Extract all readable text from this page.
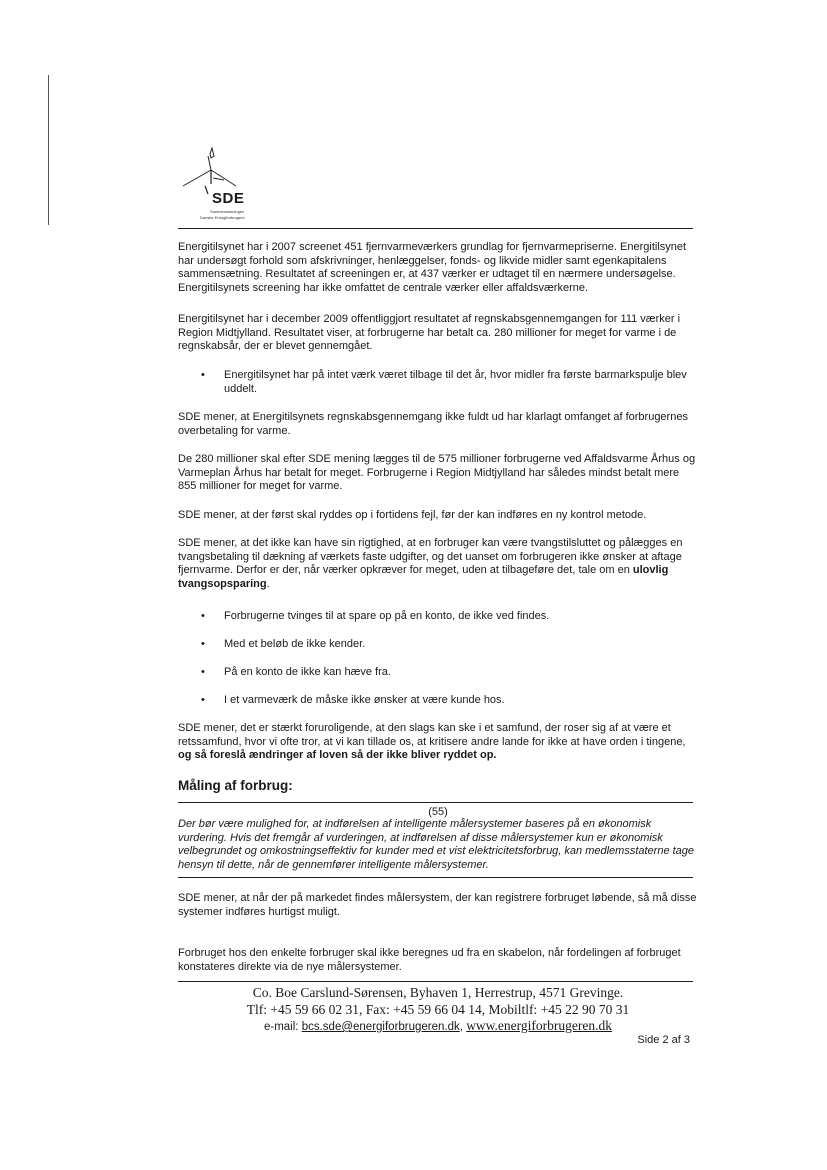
SDE
Sammenslutningen
Danske Energiforbrugere
Energitilsynet har i 2007 screenet 451 fjernvarmeværkers grundlag for fjernvarmepriserne. Energitilsynet har undersøgt forhold som afskrivninger, henlæggelser, fonds- og likvide midler samt egenkapitalens sammensætning. Resultatet af screeningen er, at 437 værker er udtaget til en nærmere undersøgelse. Energitilsynets screening har ikke omfattet de centrale værker eller affaldsværkerne.
Energitilsynet har i december 2009 offentliggjort resultatet af regnskabsgennemgangen for 111 værker i Region Midtjylland. Resultatet viser, at forbrugerne har betalt ca. 280 millioner for meget for varme i de regnskabsår, der er blevet gennemgået.
• Energitilsynet har på intet værk været tilbage til det år, hvor midler fra første barmarkspulje blev uddelt.
SDE mener, at Energitilsynets regnskabsgennemgang ikke fuldt ud har klarlagt omfanget af forbrugernes overbetaling for varme.
De 280 millioner skal efter SDE mening lægges til de 575 millioner forbrugerne ved Affaldsvarme Århus og Varmeplan Århus har betalt for meget. Forbrugerne i Region Midtjylland har således mindst betalt mere 855 millioner for meget for varme.
SDE mener, at der først skal ryddes op i fortidens fejl, før der kan indføres en ny kontrol metode.
SDE mener, at det ikke kan have sin rigtighed, at en forbruger kan være tvangstilsluttet og pålægges en tvangsbetaling til dækning af værkets faste udgifter, og det uanset om forbrugeren ikke ønsker at aftage fjernvarme. Derfor er der, når værker opkræver for meget, uden at tilbageføre det, tale om en ulovlig tvangsopsparing.
• Forbrugerne tvinges til at spare op på en konto, de ikke ved findes.
• Med et beløb de ikke kender.
• På en konto de ikke kan hæve fra.
• I et varmeværk de måske ikke ønsker at være kunde hos.
SDE mener, det er stærkt foruroligende, at den slags kan ske i et samfund, der roser sig af at være et retssamfund, hvor vi ofte tror, at vi kan tillade os, at kritisere andre lande for ikke at have orden i tingene, og så foreslå ændringer af loven så der ikke bliver ryddet op.
Måling af forbrug:
(55)
Der bør være mulighed for, at indførelsen af intelligente målersystemer baseres på en økonomisk vurdering. Hvis det fremgår af vurderingen, at indførelsen af disse målersystemer kun er økonomisk velbegrundet og omkostningseffektiv for kunder med et vist elektricitetsforbrug, kan medlemsstaterne tage hensyn til dette, når de gennemfører intelligente målersystemer.
SDE mener, at når der på markedet findes målersystem, der kan registrere forbruget løbende, så må disse systemer indføres hurtigst muligt.
Forbruget hos den enkelte forbruger skal ikke beregnes ud fra en skabelon, når fordelingen af forbruget konstateres direkte via de nye målersystemer.
Co. Boe Carslund-Sørensen, Byhaven 1, Herrestrup, 4571 Grevinge.
Tlf: +45 59 66 02 31, Fax: +45 59 66 04 14, Mobiltlf: +45 22 90 70 31
e-mail: bcs.sde@energiforbrugeren.dk, www.energiforbrugeren.dk
Side 2 af 3
